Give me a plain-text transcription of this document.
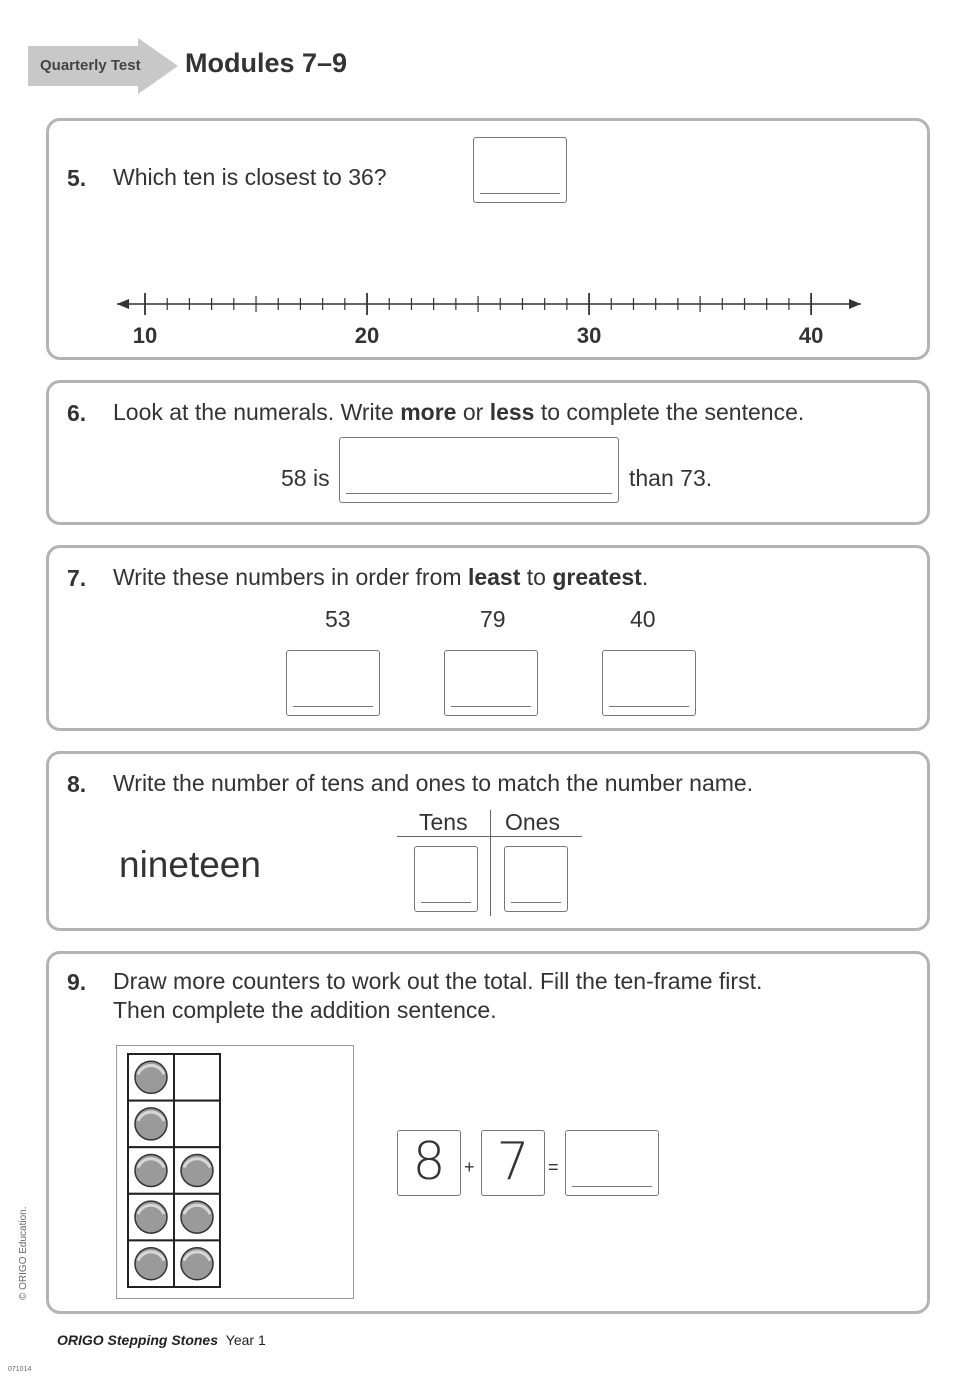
Quarterly Test Modules 7–9
5. Which ten is closest to 36?
10	20	30	40
6. Look at the numerals. Write more or less to complete the sentence.
58 is	than 73.
7. Write these numbers in order from least to greatest.
53	79	40
8. Write the number of tens and ones to match the number name.
nineteen
Tens Ones
9. Draw more counters to work out the total. Fill the ten-frame first.
Then complete the addition sentence.
8	+ 7	=
ORIGO Stepping Stones Year 1
© ORIGO Education.
071014
